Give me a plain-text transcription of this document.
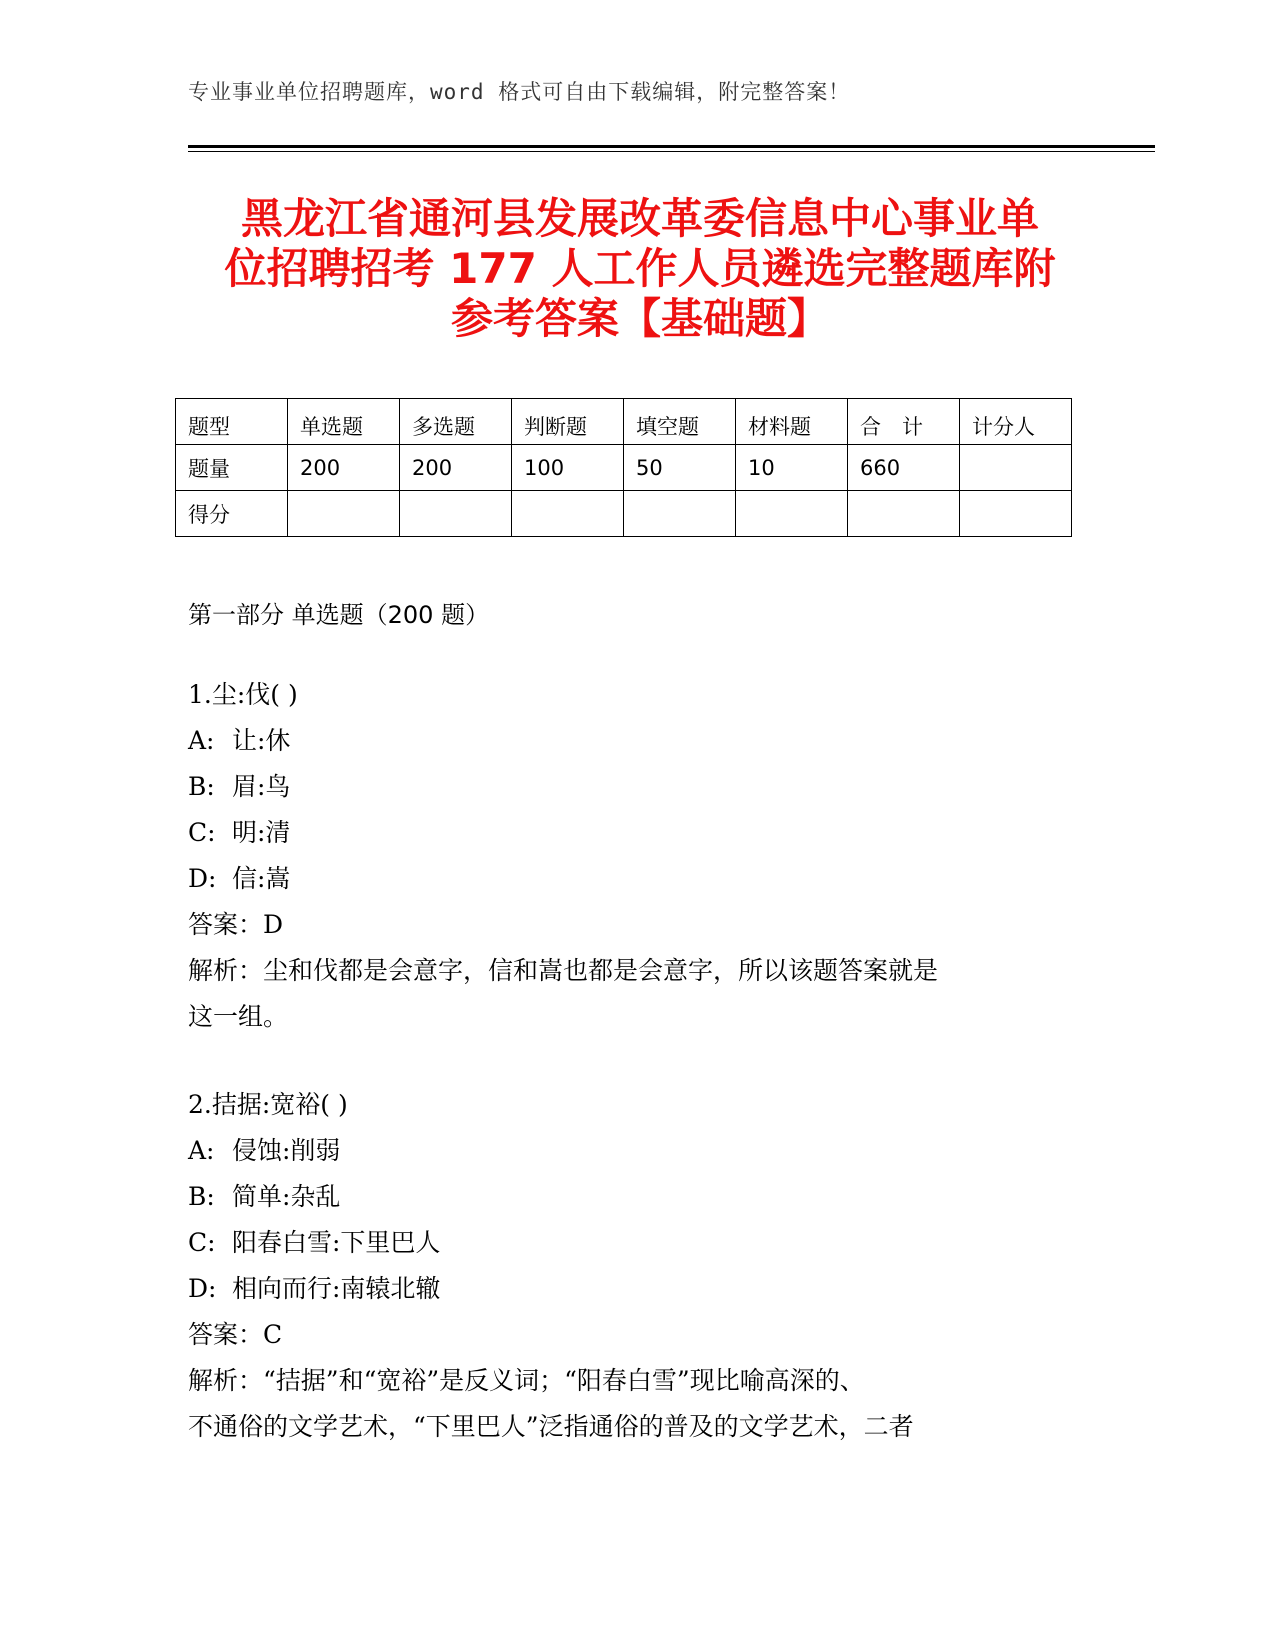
专业事业单位招聘题库，word 格式可自由下载编辑，附完整答案！
黑龙江省通河县发展改革委信息中心事业单
位招聘招考 177 人工作人员遴选完整题库附
参考答案【基础题】
题型	单选题	多选题	判断题	填空题	材料题	合　计	计分人
题量	200	200	100	50	10	660	
得分							
第一部分 单选题（200 题）
1.尘:伐( )
A: 让:休
B: 眉:鸟
C: 明:清
D: 信:嵩
答案：D
解析：尘和伐都是会意字，信和嵩也都是会意字，所以该题答案就是
这一组。
2.拮据:宽裕( )
A: 侵蚀:削弱
B: 简单:杂乱
C: 阳春白雪:下里巴人
D: 相向而行:南辕北辙
答案：C
解析：“拮据”和“宽裕”是反义词；“阳春白雪”现比喻高深的、
不通俗的文学艺术，“下里巴人”泛指通俗的普及的文学艺术，二者
